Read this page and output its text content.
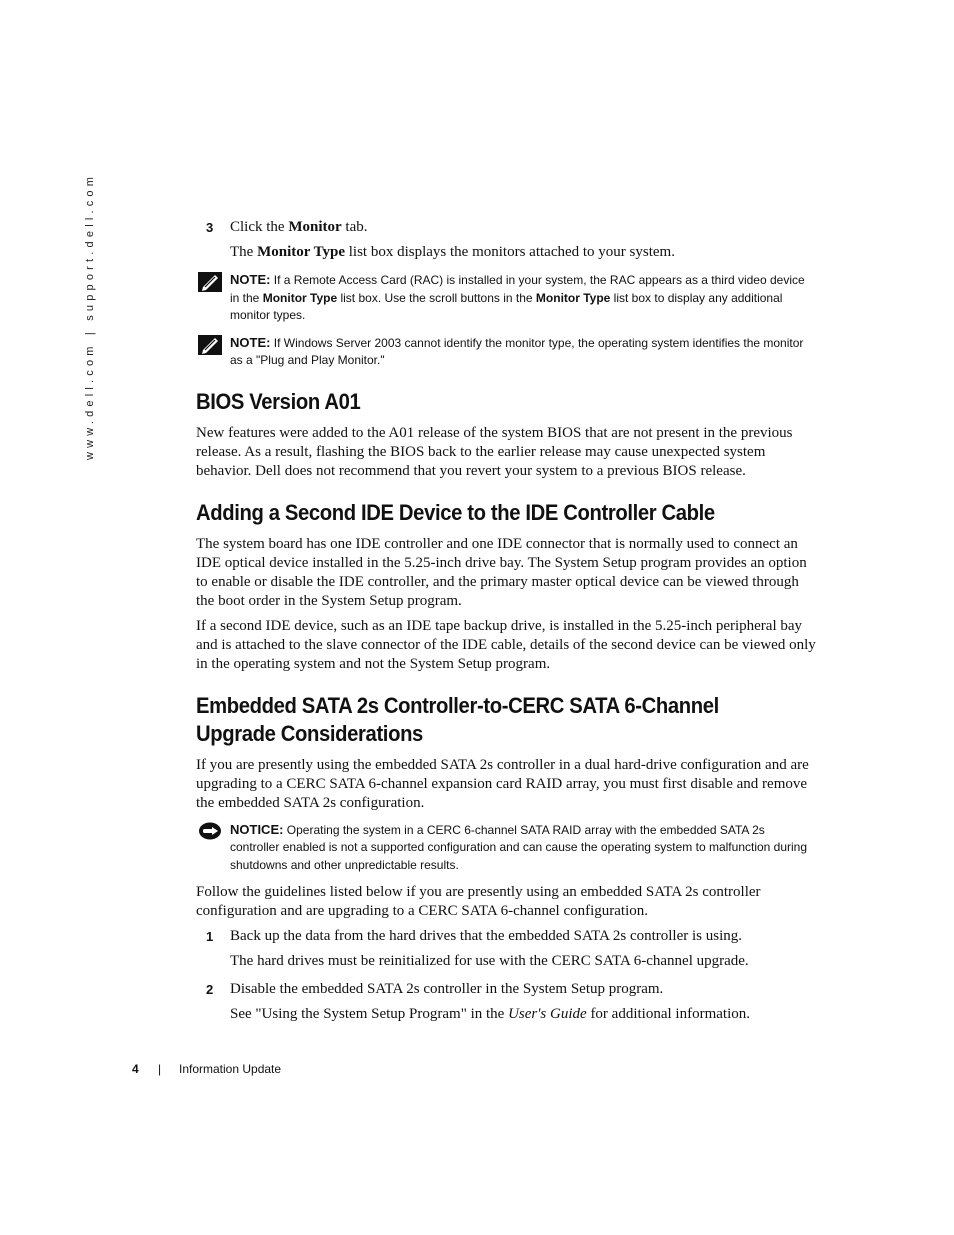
www.dell.com | support.dell.com	3 Click the Monitor tab.
The Monitor Type list box displays the monitors attached to your system.
NOTE: If a Remote Access Card (RAC) is installed in your system, the RAC appears as a third video device in the Monitor Type list box. Use the scroll buttons in the Monitor Type list box to display any additional monitor types.
NOTE: If Windows Server 2003 cannot identify the monitor type, the operating system identifies the monitor as a "Plug and Play Monitor."
BIOS Version A01

New features were added to the A01 release of the system BIOS that are not present in the previous release. As a result, flashing the BIOS back to the earlier release may cause unexpected system behavior. Dell does not recommend that you revert your system to a previous BIOS release.

Adding a Second IDE Device to the IDE Controller Cable

The system board has one IDE controller and one IDE connector that is normally used to connect an IDE optical device installed in the 5.25-inch drive bay. The System Setup program provides an option to enable or disable the IDE controller, and the primary master optical device can be viewed through the boot order in the System Setup program.

If a second IDE device, such as an IDE tape backup drive, is installed in the 5.25-inch peripheral bay and is attached to the slave connector of the IDE cable, details of the second device can be viewed only in the operating system and not the System Setup program.

Embedded SATA 2s Controller-to-CERC SATA 6-Channel Upgrade Considerations

If you are presently using the embedded SATA 2s controller in a dual hard-drive configuration and are upgrading to a CERC SATA 6-channel expansion card RAID array, you must first disable and remove the embedded SATA 2s configuration.

NOTICE: Operating the system in a CERC 6-channel SATA RAID array with the embedded SATA 2s controller enabled is not a supported configuration and can cause the operating system to malfunction during shutdowns and other unpredictable results.

Follow the guidelines listed below if you are presently using an embedded SATA 2s controller configuration and are upgrading to a CERC SATA 6-channel configuration.

1 Back up the data from the hard drives that the embedded SATA 2s controller is using.
The hard drives must be reinitialized for use with the CERC SATA 6-channel upgrade.
2 Disable the embedded SATA 2s controller in the System Setup program.
See "Using the System Setup Program" in the User's Guide for additional information.
4 | Information Update
